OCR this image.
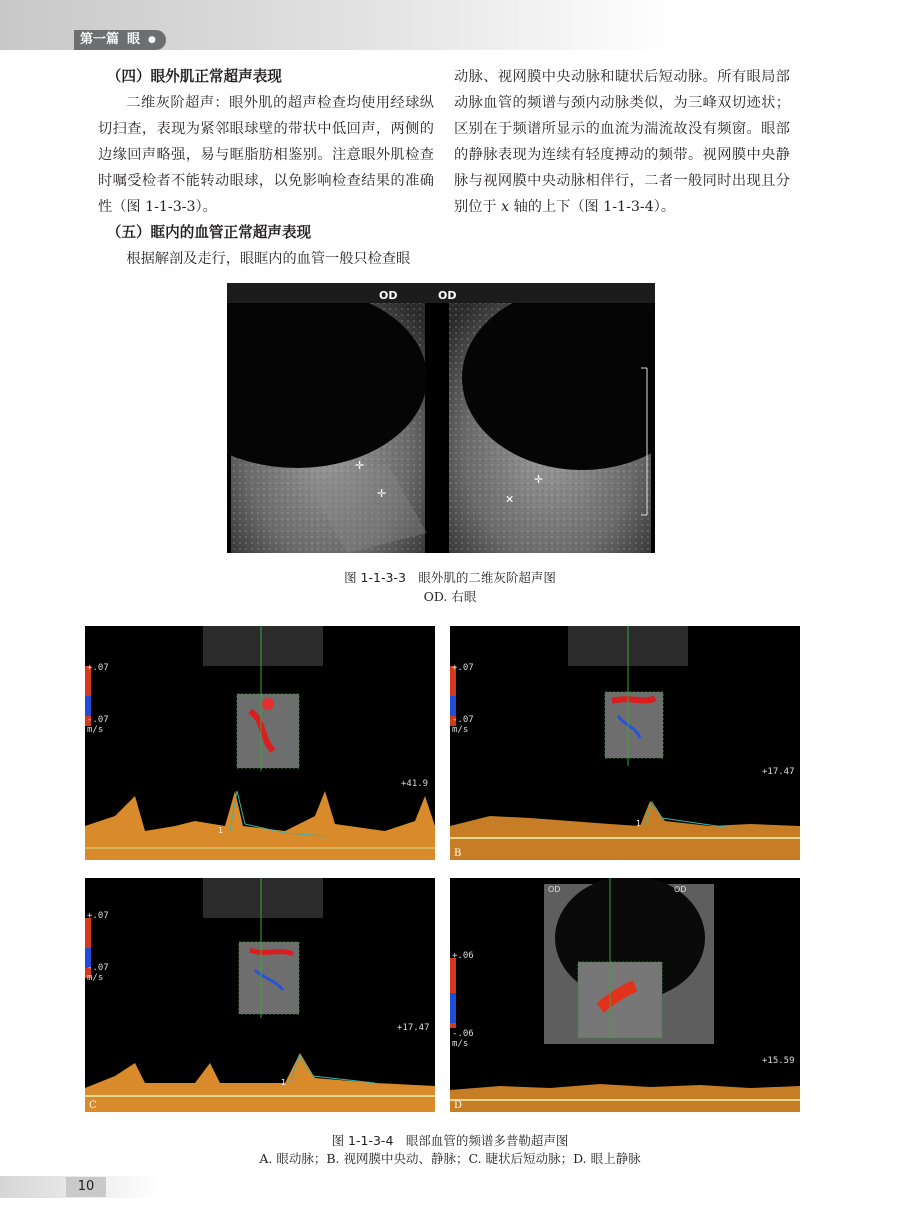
第一篇 眼 ●
（四）眼外肌正常超声表现

二维灰阶超声：眼外肌的超声检查均使用经球纵切扫查，表现为紧邻眼球壁的带状中低回声，两侧的边缘回声略强，易与眶脂肪相鉴别。注意眼外肌检查时嘱受检者不能转动眼球，以免影响检查结果的准确性（图 1-1-3-3）。

（五）眶内的血管正常超声表现

根据解剖及走行，眼眶内的血管一般只检查眼

动脉、视网膜中央动脉和睫状后短动脉。所有眼局部动脉血管的频谱与颈内动脉类似，为三峰双切迹状；区别在于频谱所显示的血流为湍流故没有频窗。眼部的静脉表现为连续有轻度搏动的频带。视网膜中央静脉与视网膜中央动脉相伴行，二者一般同时出现且分别位于 x 轴的上下（图 1-1-3-4）。

✛
✛
✛
✕
OD	OD
图 1-1-3-3　眼外肌的二维灰阶超声图
OD. 右眼
+.07
-.07
m/s
+41.9
1
+.07
-.07
m/s
+17.47
1
B
+.07
-.07
m/s
+17.47
1
C
OD	OD
+.06
-.06
m/s
+15.59
D
图 1-1-3-4　眼部血管的频谱多普勒超声图
A. 眼动脉；B. 视网膜中央动、静脉；C. 睫状后短动脉；D. 眼上静脉
10
